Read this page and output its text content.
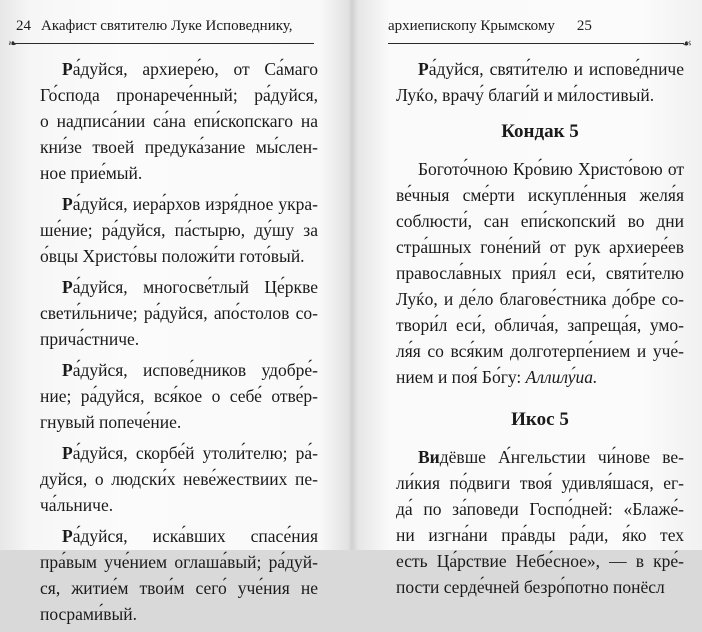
24 Акафист святителю Луке Исповеднику,
❧
Ра́дуйся, архиере́ю, от Са́маго
Го́спода пронарече́нный; ра́дуйся,
о надписа́нии са́на епи́скопскаго на
кни́зе твоей предука́зание мы́слен-
ное прие́мый.
Ра́дуйся, иера́рхов изря́дное укра-
ше́ние; ра́дуйся, па́стырю, ду́шу за
о́вцы Христо́вы положи́ти гото́вый.
Ра́дуйся, многосве́тлый Це́ркве
свети́льниче; ра́дуйся, апо́столов со-
прича́стниче.
Ра́дуйся, испове́дников удобре́-
ние; ра́дуйся, вся́кое о себе́ отве́р-
гнувый попече́ние.
Ра́дуйся, скорбе́й утоли́телю; ра́-
дуйся, о людски́х неве́жествиих пе-
ча́льниче.
Ра́дуйся, иска́вших спасе́ния
пра́вым уче́нием оглаша́вый; ра́дуй-
ся, житие́м твои́м сего́ уче́ния не
посрами́вый.
архиепископу Крымскому 25
☙
Ра́дуйся, святи́телю и испове́дниче
Луќо, врачу́ благи́й и ми́лостивый.
Кондак 5
Богото́чною Кро́вию Христо́вою от
ве́чныя сме́рти искупле́нныя желя́я
соблюсти́, сан епи́скопский во дни
стра́шных гоне́ний от рук архиере́ев
правосла́вных прия́л еси́, святи́телю
Луќо, и де́ло благове́стника до́бре со-
твори́л еси́, облича́я, запреща́я, умо-
ля́я со вся́ким долготерпе́нием и уче́-
нием и поя́ Бо́гу: Аллилу́иа.
Икос 5
Видёвше А́нгельстии чи́нове ве-
ли́кия по́двиги твоя́ удивля́шася, ег-
да́ по за́поведи Госпо́дней: «Блаже́-
ни изгна́ни пра́вды ра́ди, я́ко тех
есть Ца́рствие Небе́сное», — в кре́-
пости серде́чней безро́потно понёсл
